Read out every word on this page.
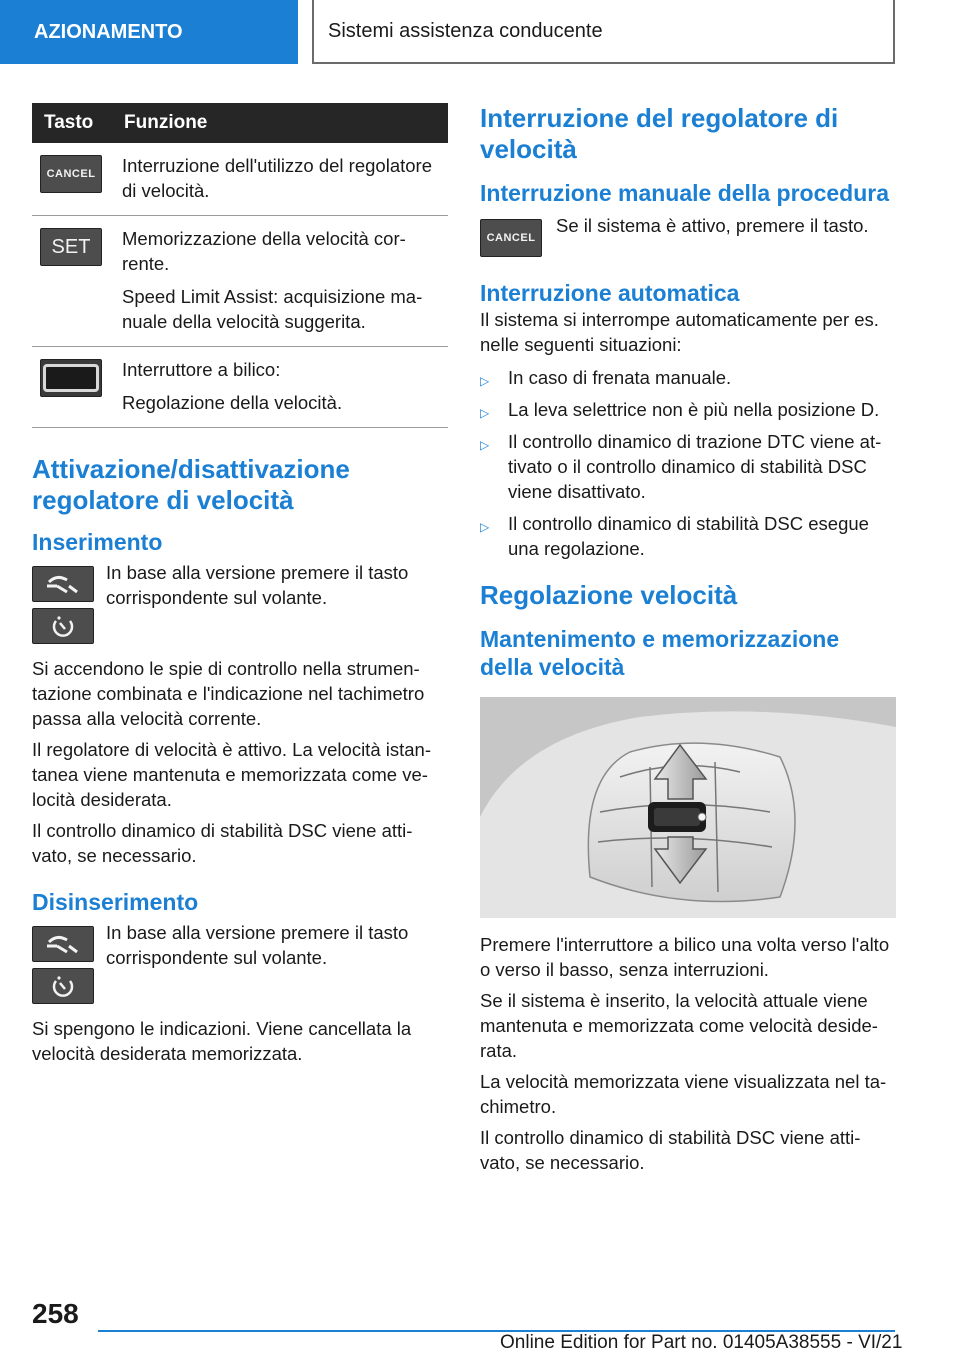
AZIONAMENTO	Sistemi assistenza conducente
Tasto	Funzione

CANCEL	Interruzione dell'utilizzo del regolatore di velocità.

SET	Memorizzazione della velocità cor-rente.

Speed Limit Assist: acquisizione ma-nuale della velocità suggerita.

	Interruttore a bilico:

Regolazione della velocità.

Attivazione/disattivazione regolatore di velocità
Inserimento
In base alla versione premere il tasto corrispondente sul volante.

Si accendono le spie di controllo nella strumen-tazione combinata e l'indicazione nel tachimetro passa alla velocità corrente.

Il regolatore di velocità è attivo. La velocità istan-tanea viene mantenuta e memorizzata come ve-locità desiderata.

Il controllo dinamico di stabilità DSC viene atti-vato, se necessario.

Disinserimento
In base alla versione premere il tasto corrispondente sul volante.

Si spengono le indicazioni. Viene cancellata la velocità desiderata memorizzata.

Interruzione del regolatore di velocità
Interruzione manuale della procedura
CANCEL
Se il sistema è attivo, premere il tasto.
Interruzione automatica

Il sistema si interrompe automaticamente per es. nelle seguenti situazioni:

▷ In caso di frenata manuale.
▷ La leva selettrice non è più nella posizione D.
▷ Il controllo dinamico di trazione DTC viene at-tivato o il controllo dinamico di stabilità DSC viene disattivato.
▷ Il controllo dinamico di stabilità DSC esegue una regolazione.
Regolazione velocità
Mantenimento e memorizzazione della velocità

Premere l'interruttore a bilico una volta verso l'alto o verso il basso, senza interruzioni.

Se il sistema è inserito, la velocità attuale viene mantenuta e memorizzata come velocità deside-rata.

La velocità memorizzata viene visualizzata nel ta-chimetro.

Il controllo dinamico di stabilità DSC viene atti-vato, se necessario.

258
Online Edition for Part no. 01405A38555 - VI/21
